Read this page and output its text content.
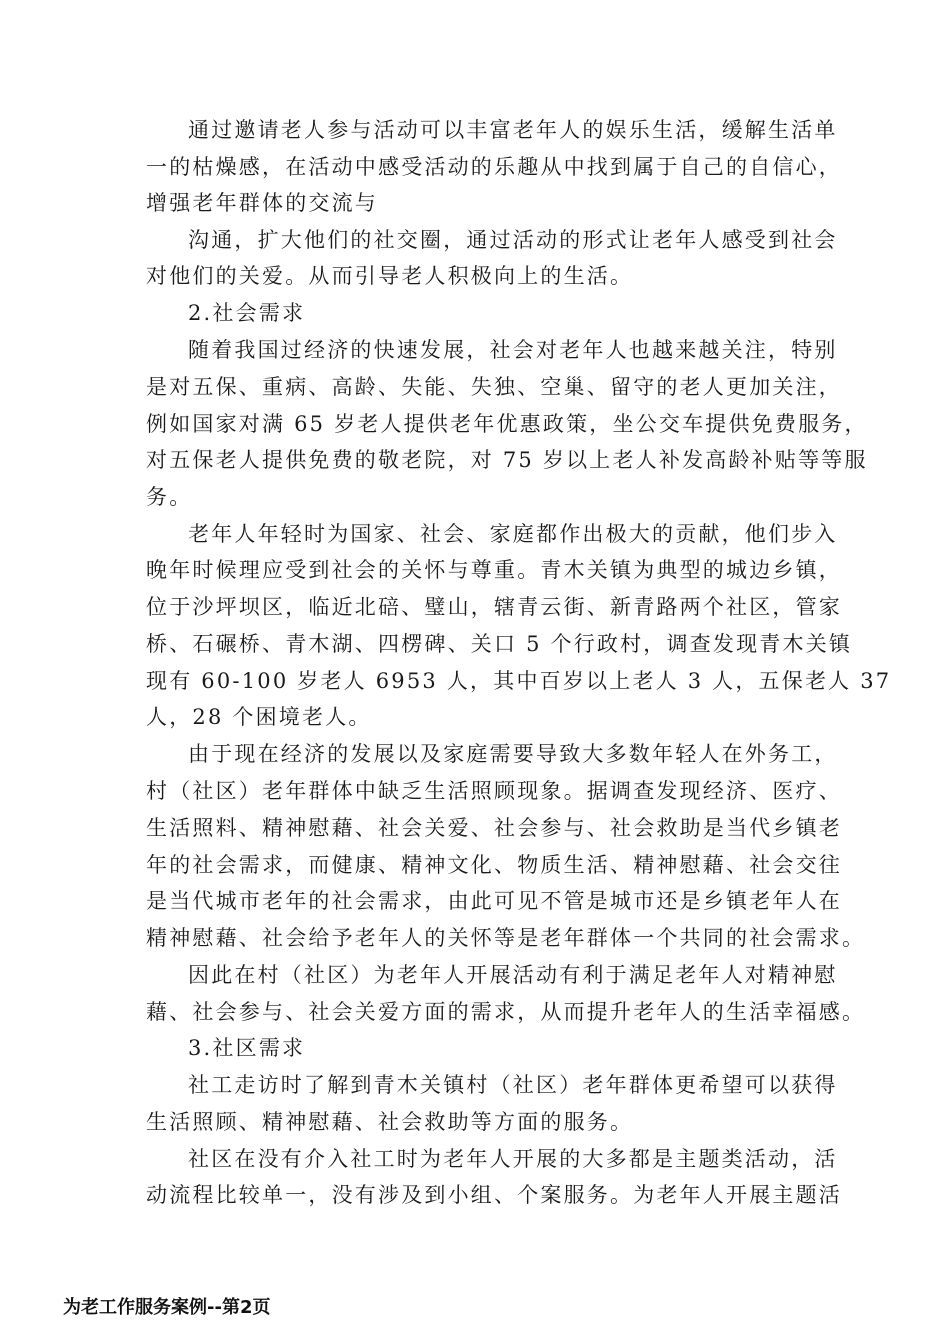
通过邀请老人参与活动可以丰富老年人的娱乐生活，缓解生活单
一的枯燥感，在活动中感受活动的乐趣从中找到属于自己的自信心，
增强老年群体的交流与
沟通，扩大他们的社交圈，通过活动的形式让老年人感受到社会
对他们的关爱。从而引导老人积极向上的生活。
2.社会需求
随着我国过经济的快速发展，社会对老年人也越来越关注，特别
是对五保、重病、高龄、失能、失独、空巢、留守的老人更加关注，
例如国家对满 65 岁老人提供老年优惠政策，坐公交车提供免费服务，
对五保老人提供免费的敬老院，对 75 岁以上老人补发高龄补贴等等服
务。
老年人年轻时为国家、社会、家庭都作出极大的贡献，他们步入
晚年时候理应受到社会的关怀与尊重。青木关镇为典型的城边乡镇，
位于沙坪坝区，临近北碚、璧山，辖青云街、新青路两个社区，管家
桥、石碾桥、青木湖、四楞碑、关口 5 个行政村，调查发现青木关镇
现有 60-100 岁老人 6953 人，其中百岁以上老人 3 人，五保老人 37
人，28 个困境老人。
由于现在经济的发展以及家庭需要导致大多数年轻人在外务工，
村（社区）老年群体中缺乏生活照顾现象。据调查发现经济、医疗、
生活照料、精神慰藉、社会关爱、社会参与、社会救助是当代乡镇老
年的社会需求，而健康、精神文化、物质生活、精神慰藉、社会交往
是当代城市老年的社会需求，由此可见不管是城市还是乡镇老年人在
精神慰藉、社会给予老年人的关怀等是老年群体一个共同的社会需求。
因此在村（社区）为老年人开展活动有利于满足老年人对精神慰
藉、社会参与、社会关爱方面的需求，从而提升老年人的生活幸福感。
3.社区需求
社工走访时了解到青木关镇村（社区）老年群体更希望可以获得
生活照顾、精神慰藉、社会救助等方面的服务。
社区在没有介入社工时为老年人开展的大多都是主题类活动，活
动流程比较单一，没有涉及到小组、个案服务。为老年人开展主题活
为老工作服务案例--第2页
